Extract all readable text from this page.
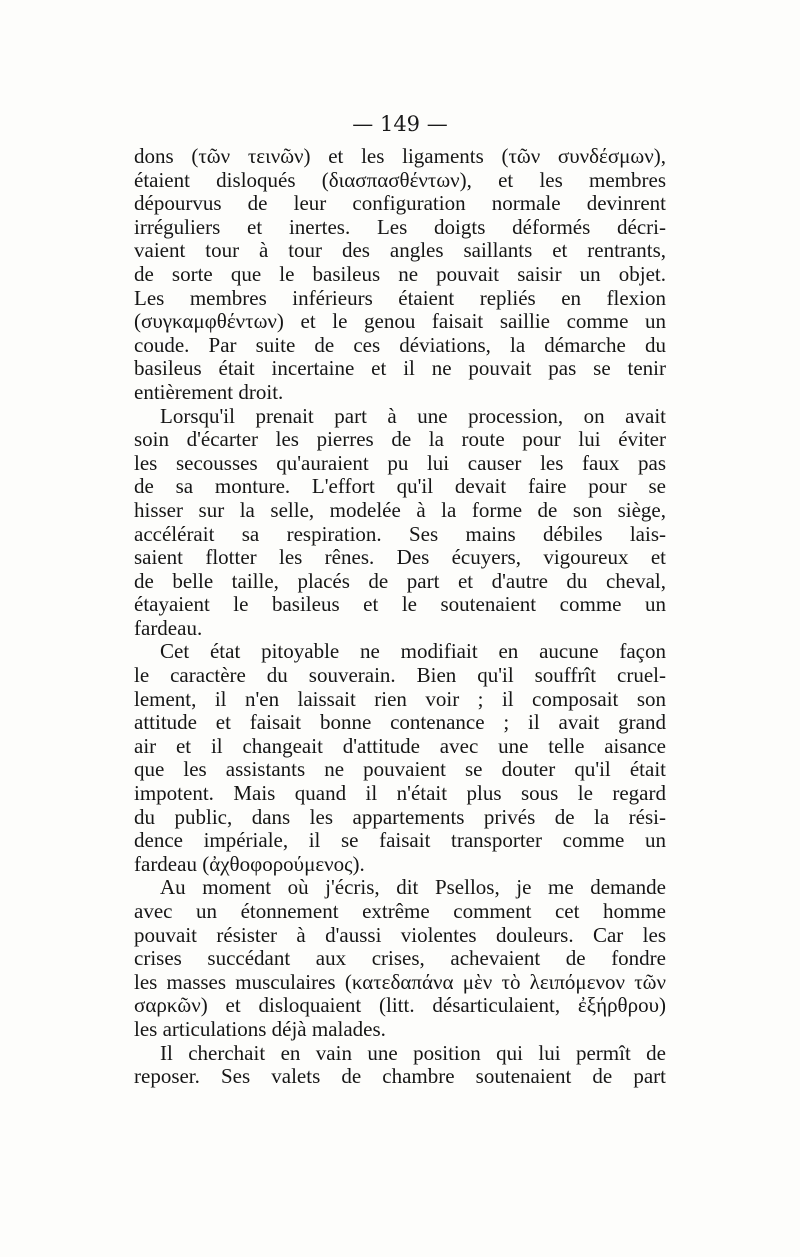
— 149 —
dons (τῶν τεινῶν) et les ligaments (τῶν συνδέσμων),
étaient disloqués (διασπασθέντων), et les membres
dépourvus de leur configuration normale devinrent
irréguliers et inertes. Les doigts déformés décri-
vaient tour à tour des angles saillants et rentrants,
de sorte que le basileus ne pouvait saisir un objet.
Les membres inférieurs étaient repliés en flexion
(συγκαμφθέντων) et le genou faisait saillie comme un
coude. Par suite de ces déviations, la démarche du
basileus était incertaine et il ne pouvait pas se tenir
entièrement droit.
Lorsqu'il prenait part à une procession, on avait
soin d'écarter les pierres de la route pour lui éviter
les secousses qu'auraient pu lui causer les faux pas
de sa monture. L'effort qu'il devait faire pour se
hisser sur la selle, modelée à la forme de son siège,
accélérait sa respiration. Ses mains débiles lais-
saient flotter les rênes. Des écuyers, vigoureux et
de belle taille, placés de part et d'autre du cheval,
étayaient le basileus et le soutenaient comme un
fardeau.
Cet état pitoyable ne modifiait en aucune façon
le caractère du souverain. Bien qu'il souffrît cruel-
lement, il n'en laissait rien voir ; il composait son
attitude et faisait bonne contenance ; il avait grand
air et il changeait d'attitude avec une telle aisance
que les assistants ne pouvaient se douter qu'il était
impotent. Mais quand il n'était plus sous le regard
du public, dans les appartements privés de la rési-
dence impériale, il se faisait transporter comme un
fardeau (ἀχθοφορούμενος).
Au moment où j'écris, dit Psellos, je me demande
avec un étonnement extrême comment cet homme
pouvait résister à d'aussi violentes douleurs. Car les
crises succédant aux crises, achevaient de fondre
les masses musculaires (κατεδαπάνα μὲν τὸ λειπόμενον τῶν
σαρκῶν) et disloquaient (litt. désarticulaient, ἐξήρθρου)
les articulations déjà malades.
Il cherchait en vain une position qui lui permît de
reposer. Ses valets de chambre soutenaient de part
